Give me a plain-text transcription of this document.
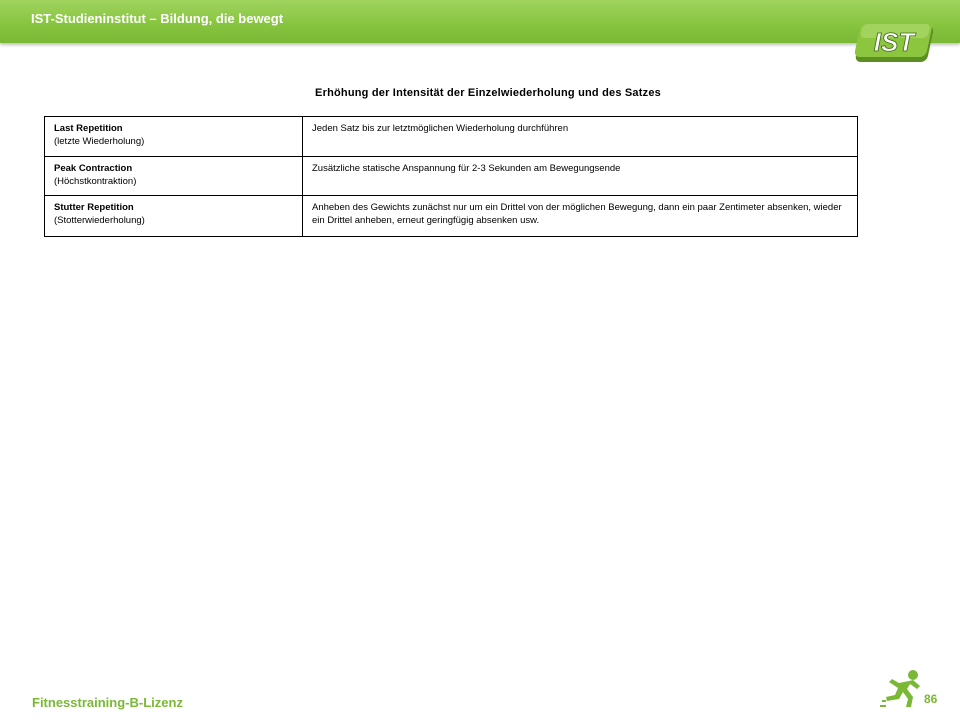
IST-Studieninstitut – Bildung, die bewegt
IST
Erhöhung der Intensität der Einzelwiederholung und des Satzes
Last Repetition
(letzte Wiederholung)	Jeden Satz bis zur letztmöglichen Wiederholung durchführen

Peak Contraction
(Höchstkontraktion)	Zusätzliche statische Anspannung für 2-3 Sekunden am Bewegungsende

Stutter Repetition
(Stotterwiederholung)	Anheben des Gewichts zunächst nur um ein Drittel von der möglichen Bewegung, dann ein paar Zentimeter absenken, wieder ein Drittel anheben, erneut geringfügig absenken usw.
Fitnesstraining-B-Lizenz	86
